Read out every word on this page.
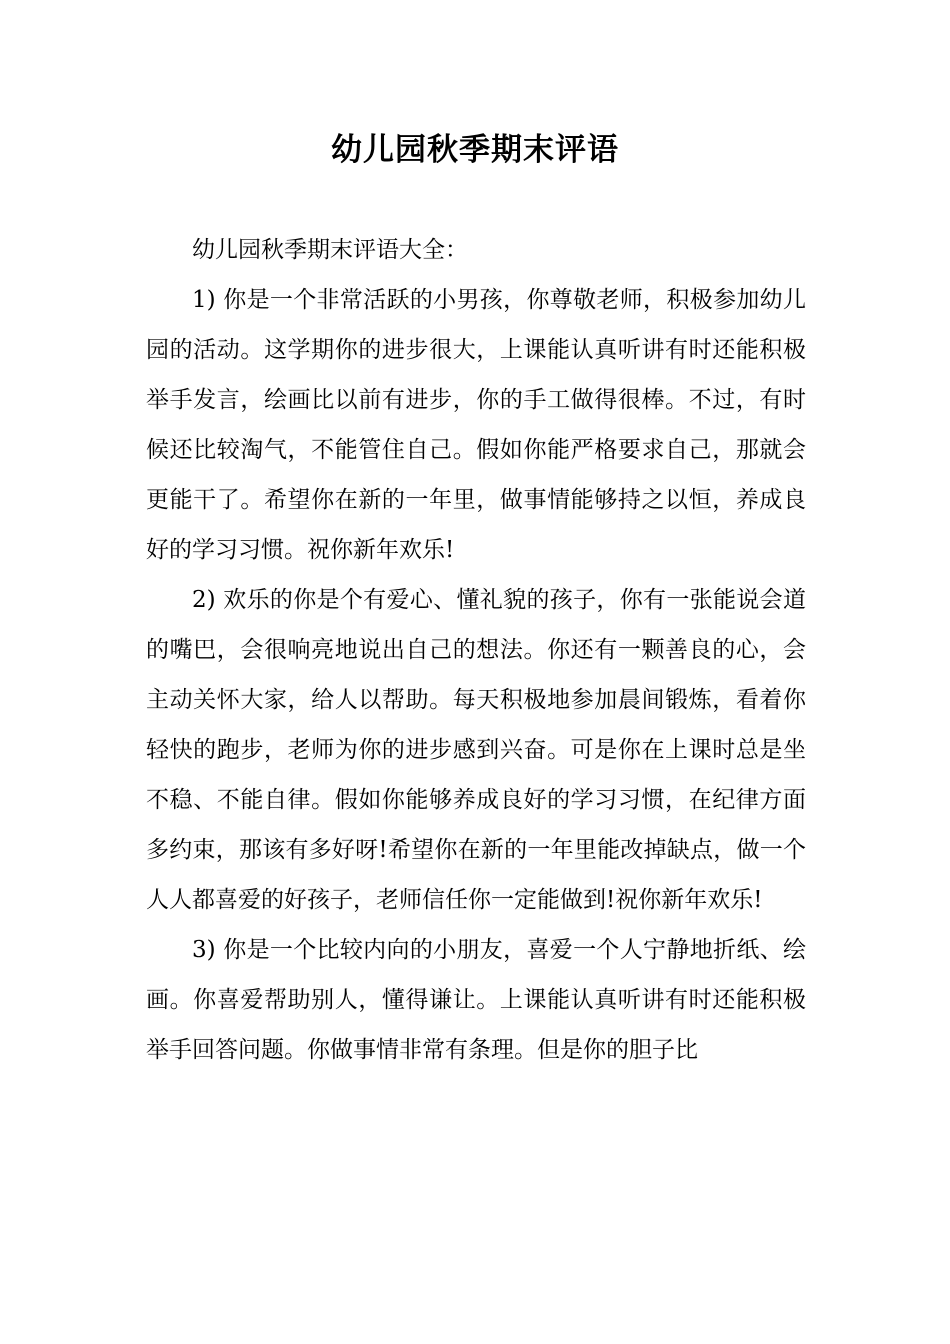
幼儿园秋季期末评语

幼儿园秋季期末评语大全：

1) 你是一个非常活跃的小男孩，你尊敬老师，积极参加幼儿园的活动。这学期你的进步很大，上课能认真听讲有时还能积极举手发言，绘画比以前有进步，你的手工做得很棒。不过，有时候还比较淘气，不能管住自己。假如你能严格要求自己，那就会更能干了。希望你在新的一年里，做事情能够持之以恒，养成良好的学习习惯。祝你新年欢乐!

2) 欢乐的你是个有爱心、懂礼貌的孩子，你有一张能说会道的嘴巴，会很响亮地说出自己的想法。你还有一颗善良的心，会主动关怀大家，给人以帮助。每天积极地参加晨间锻炼，看着你轻快的跑步，老师为你的进步感到兴奋。可是你在上课时总是坐不稳、不能自律。假如你能够养成良好的学习习惯，在纪律方面多约束，那该有多好呀!希望你在新的一年里能改掉缺点，做一个人人都喜爱的好孩子，老师信任你一定能做到!祝你新年欢乐!

3) 你是一个比较内向的小朋友，喜爱一个人宁静地折纸、绘画。你喜爱帮助别人，懂得谦让。上课能认真听讲有时还能积极举手回答问题。你做事情非常有条理。但是你的胆子比
